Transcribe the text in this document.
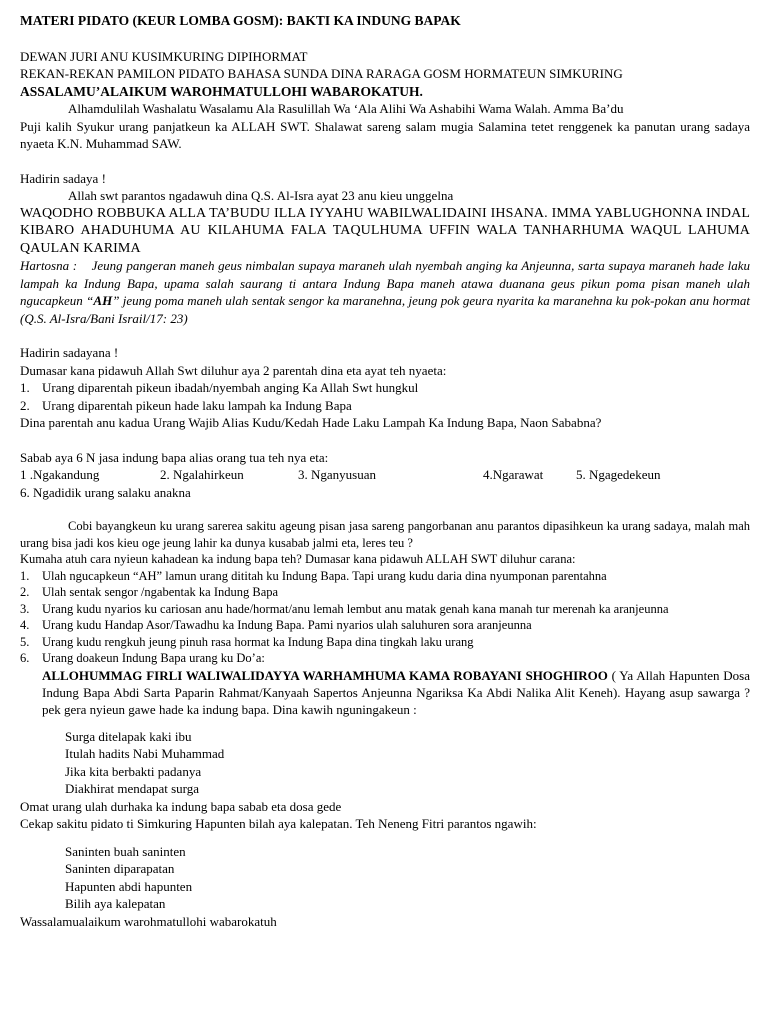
MATERI PIDATO (KEUR LOMBA GOSM): BAKTI KA INDUNG BAPAK
DEWAN JURI ANU KUSIMKURING DIPIHORMAT
REKAN-REKAN PAMILON PIDATO BAHASA SUNDA DINA RARAGA GOSM HORMATEUN SIMKURING
ASSALAMU’ALAIKUM WAROHMATULLOHI WABAROKATUH.
Alhamdulilah Washalatu Wasalamu Ala Rasulillah Wa ‘Ala Alihi Wa Ashabihi Wama Walah. Amma Ba’du
Puji kalih Syukur urang panjatkeun ka ALLAH SWT. Shalawat sareng salam mugia Salamina tetet renggenek ka panutan urang sadaya nyaeta K.N. Muhammad SAW.
Hadirin sadaya !
Allah swt parantos ngadawuh dina Q.S. Al-Isra ayat 23 anu kieu unggelna
WAQODHO ROBBUKA ALLA TA’BUDU ILLA IYYAHU WABILWALIDAINI IHSANA. IMMA YABLUGHONNA INDAL KIBARO AHADUHUMA AU KILAHUMA FALA TAQULHUMA UFFIN WALA TANHARHUMA WAQUL LAHUMA QAULAN KARIMA
Hartosna : Jeung pangeran maneh geus nimbalan supaya maraneh ulah nyembah anging ka Anjeunna, sarta supaya maraneh hade laku lampah ka Indung Bapa, upama salah saurang ti antara Indung Bapa maneh atawa duanana geus pikun poma pisan maneh ulah ngucapkeun “AH” jeung poma maneh ulah sentak sengor ka maranehna, jeung pok geura nyarita ka maranehna ku pok-pokan anu hormat (Q.S. Al-Isra/Bani Israil/17: 23)
Hadirin sadayana !
Dumasar kana pidawuh Allah Swt diluhur aya 2 parentah dina eta ayat teh nyaeta:
1. Urang diparentah pikeun ibadah/nyembah anging Ka Allah Swt hungkul
2. Urang diparentah pikeun hade laku lampah ka Indung Bapa
Dina parentah anu kadua Urang Wajib Alias Kudu/Kedah Hade Laku Lampah Ka Indung Bapa, Naon Sababna?
Sabab aya 6 N jasa indung bapa alias orang tua teh nya eta:
1 .Ngakandung	2. Ngalahirkeun	3. Nganyusuan	4.Ngarawat	5. Ngagedekeun
6. Ngadidik urang salaku anakna
Cobi bayangkeun ku urang sarerea sakitu ageung pisan jasa sareng pangorbanan anu parantos dipasihkeun ka urang sadaya, malah mah urang bisa jadi kos kieu oge jeung lahir ka dunya kusabab jalmi eta, leres teu ?
Kumaha atuh cara nyieun kahadean ka indung bapa teh? Dumasar kana pidawuh ALLAH SWT diluhur carana:
1. Ulah ngucapkeun “AH” lamun urang dititah ku Indung Bapa. Tapi urang kudu daria dina nyumponan parentahna
2. Ulah sentak sengor /ngabentak ka Indung Bapa
3. Urang kudu nyarios ku cariosan anu hade/hormat/anu lemah lembut anu matak genah kana manah tur merenah ka aranjeunna
4. Urang kudu Handap Asor/Tawadhu ka Indung Bapa. Pami nyarios ulah saluhuren sora aranjeunna
5. Urang kudu rengkuh jeung pinuh rasa hormat ka Indung Bapa dina tingkah laku urang
6. Urang doakeun Indung Bapa urang ku Do’a:
ALLOHUMMAG FIRLI WALIWALIDAYYA WARHAMHUMA KAMA ROBAYANI SHOGHIROO ( Ya Allah Hapunten Dosa Indung Bapa Abdi Sarta Paparin Rahmat/Kanyaah Sapertos Anjeunna Ngariksa Ka Abdi Nalika Alit Keneh). Hayang asup sawarga ? pek gera nyieun gawe hade ka indung bapa. Dina kawih nguningakeun :
Surga ditelapak kaki ibu
Itulah hadits Nabi Muhammad
Jika kita berbakti padanya
Diakhirat mendapat surga
Omat urang ulah durhaka ka indung bapa sabab eta dosa gede
Cekap sakitu pidato ti Simkuring Hapunten bilah aya kalepatan. Teh Neneng Fitri parantos ngawih:
Saninten buah saninten
Saninten diparapatan
Hapunten abdi hapunten
Bilih aya kalepatan
Wassalamualaikum warohmatullohi wabarokatuh
